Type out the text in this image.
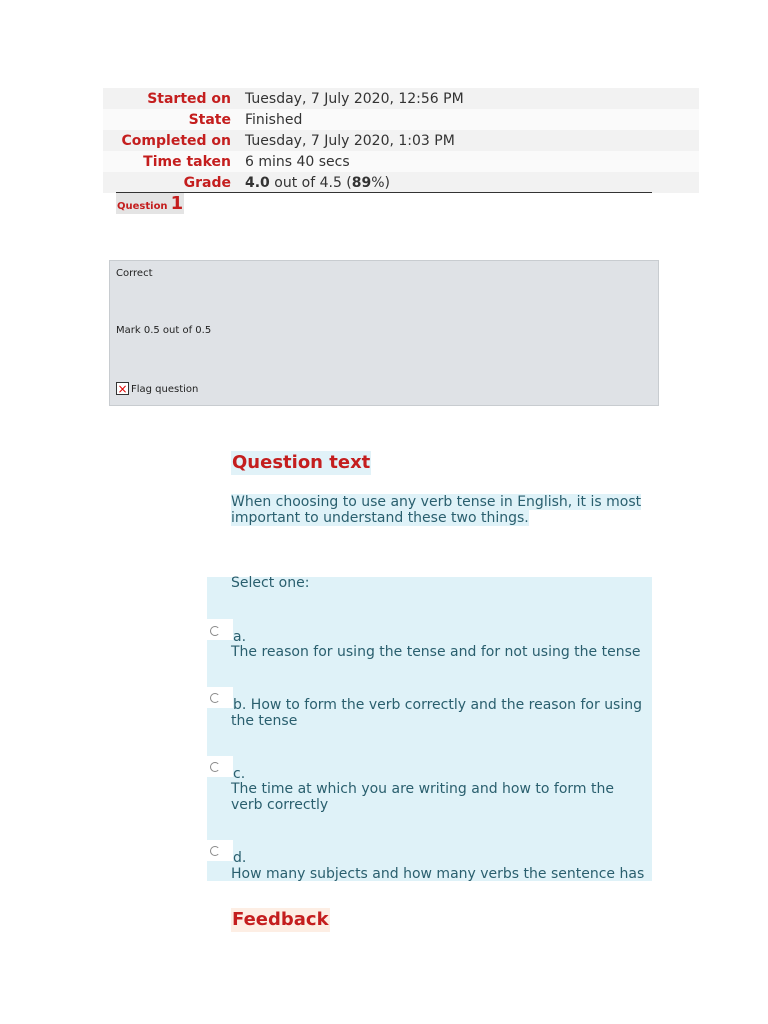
Started on	Tuesday, 7 July 2020, 12:56 PM
State	Finished
Completed on	Tuesday, 7 July 2020, 1:03 PM
Time taken	6 mins 40 secs
Grade	4.0 out of 4.5 (89%)
Question 1
Correct
Mark 0.5 out of 0.5
× Flag question
Question text
When choosing to use any verb tense in English, it is most important to understand these two things.
Select one:
a.
The reason for using the tense and for not using the tense
b. How to form the verb correctly and the reason for using the tense
c.
The time at which you are writing and how to form the verb correctly
d.
How many subjects and how many verbs the sentence has
Feedback
